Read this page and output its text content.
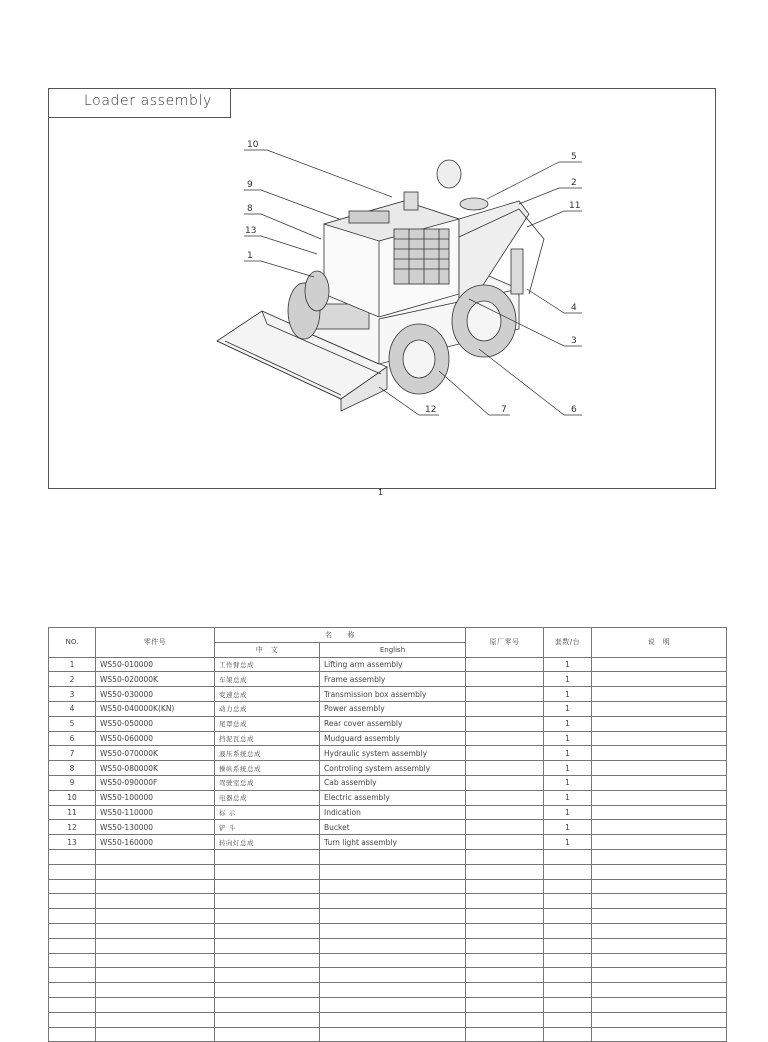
Loader assembly
10
9
8
13
1
5
2
11
4
3
6
7
12
1
NO.	零件号	名　　称		原厂零号	套数/台	说　明
		中　文	English			
1	WS50-010000	工作臂总成	Lifting arm assembly		1	
2	WS50-020000K	车架总成	Frame assembly		1	
3	WS50-030000	变速总成	Transmission box assembly		1	
4	WS50-040000K(KN)	动力总成	Power assembly		1	
5	WS50-050000	尾罩总成	Rear cover assembly		1	
6	WS50-060000	挡泥瓦总成	Mudguard assembly		1	
7	WS50-070000K	液压系统总成	Hydraulic system assembly		1	
8	WS50-080000K	操纵系统总成	Controling system assembly		1	
9	WS50-090000F	驾驶室总成	Cab assembly		1	
10	WS50-100000	电器总成	Electric assembly		1	
11	WS50-110000	标 示	Indication		1	
12	WS50-130000	铲 斗	Bucket		1	
13	WS50-160000	转向灯总成	Turn light assembly		1	
